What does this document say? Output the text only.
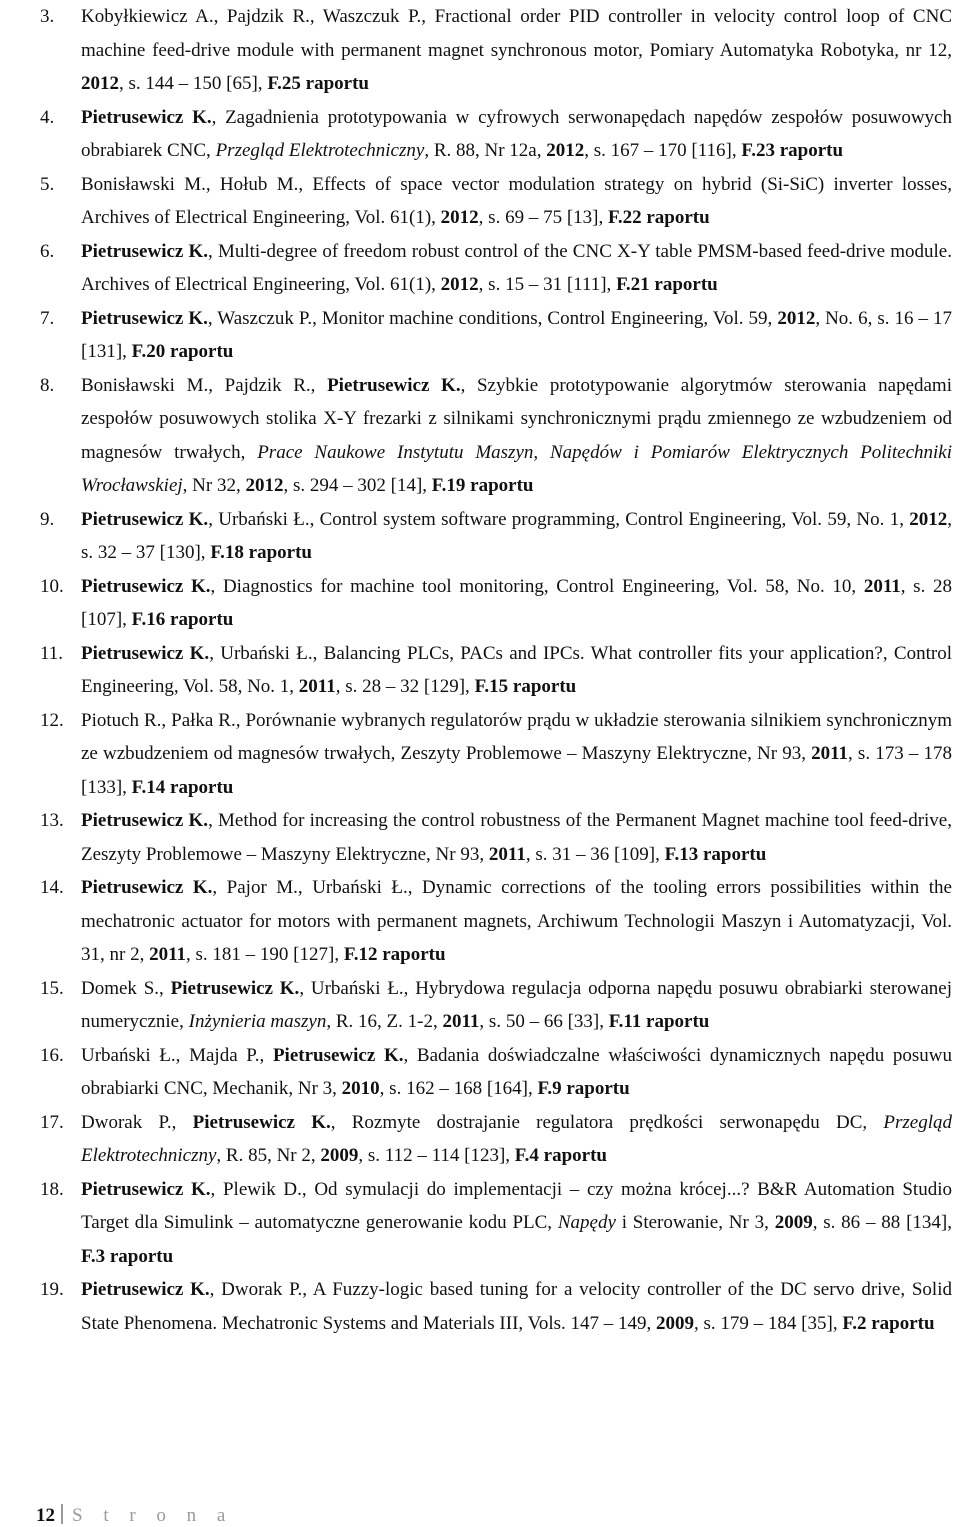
3. Kobyłkiewicz A., Pajdzik R., Waszczuk P., Fractional order PID controller in velocity control loop of CNC machine feed-drive module with permanent magnet synchronous motor, Pomiary Automatyka Robotyka, nr 12, 2012, s. 144 – 150 [65], F.25 raportu
4. Pietrusewicz K., Zagadnienia prototypowania w cyfrowych serwonapędach napędów zespołów posuwowych obrabiarek CNC, Przegląd Elektrotechniczny, R. 88, Nr 12a, 2012, s. 167 – 170 [116], F.23 raportu
5. Bonisławski M., Hołub M., Effects of space vector modulation strategy on hybrid (Si-SiC) inverter losses, Archives of Electrical Engineering, Vol. 61(1), 2012, s. 69 – 75 [13], F.22 raportu
6. Pietrusewicz K., Multi-degree of freedom robust control of the CNC X-Y table PMSM-based feed-drive module. Archives of Electrical Engineering, Vol. 61(1), 2012, s. 15 – 31 [111], F.21 raportu
7. Pietrusewicz K., Waszczuk P., Monitor machine conditions, Control Engineering, Vol. 59, 2012, No. 6, s. 16 – 17 [131], F.20 raportu
8. Bonisławski M., Pajdzik R., Pietrusewicz K., Szybkie prototypowanie algorytmów sterowania napędami zespołów posuwowych stolika X-Y frezarki z silnikami synchronicznymi prądu zmiennego ze wzbudzeniem od magnesów trwałych, Prace Naukowe Instytutu Maszyn, Napędów i Pomiarów Elektrycznych Politechniki Wrocławskiej, Nr 32, 2012, s. 294 – 302 [14], F.19 raportu
9. Pietrusewicz K., Urbański Ł., Control system software programming, Control Engineering, Vol. 59, No. 1, 2012, s. 32 – 37 [130], F.18 raportu
10. Pietrusewicz K., Diagnostics for machine tool monitoring, Control Engineering, Vol. 58, No. 10, 2011, s. 28 [107], F.16 raportu
11. Pietrusewicz K., Urbański Ł., Balancing PLCs, PACs and IPCs. What controller fits your application?, Control Engineering, Vol. 58, No. 1, 2011, s. 28 – 32 [129], F.15 raportu
12. Piotuch R., Pałka R., Porównanie wybranych regulatorów prądu w układzie sterowania silnikiem synchronicznym ze wzbudzeniem od magnesów trwałych, Zeszyty Problemowe – Maszyny Elektryczne, Nr 93, 2011, s. 173 – 178 [133], F.14 raportu
13. Pietrusewicz K., Method for increasing the control robustness of the Permanent Magnet machine tool feed-drive, Zeszyty Problemowe – Maszyny Elektryczne, Nr 93, 2011, s. 31 – 36 [109], F.13 raportu
14. Pietrusewicz K., Pajor M., Urbański Ł., Dynamic corrections of the tooling errors possibilities within the mechatronic actuator for motors with permanent magnets, Archiwum Technologii Maszyn i Automatyzacji, Vol. 31, nr 2, 2011, s. 181 – 190 [127], F.12 raportu
15. Domek S., Pietrusewicz K., Urbański Ł., Hybrydowa regulacja odporna napędu posuwu obrabiarki sterowanej numerycznie, Inżynieria maszyn, R. 16, Z. 1-2, 2011, s. 50 – 66 [33], F.11 raportu
16. Urbański Ł., Majda P., Pietrusewicz K., Badania doświadczalne właściwości dynamicznych napędu posuwu obrabiarki CNC, Mechanik, Nr 3, 2010, s. 162 – 168 [164], F.9 raportu
17. Dworak P., Pietrusewicz K., Rozmyte dostrajanie regulatora prędkości serwonapędu DC, Przegląd Elektrotechniczny, R. 85, Nr 2, 2009, s. 112 – 114 [123], F.4 raportu
18. Pietrusewicz K., Plewik D., Od symulacji do implementacji – czy można krócej...? B&R Automation Studio Target dla Simulink – automatyczne generowanie kodu PLC, Napędy i Sterowanie, Nr 3, 2009, s. 86 – 88 [134], F.3 raportu
19. Pietrusewicz K., Dworak P., A Fuzzy-logic based tuning for a velocity controller of the DC servo drive, Solid State Phenomena. Mechatronic Systems and Materials III, Vols. 147 – 149, 2009, s. 179 – 184 [35], F.2 raportu
12 S t r o n a
